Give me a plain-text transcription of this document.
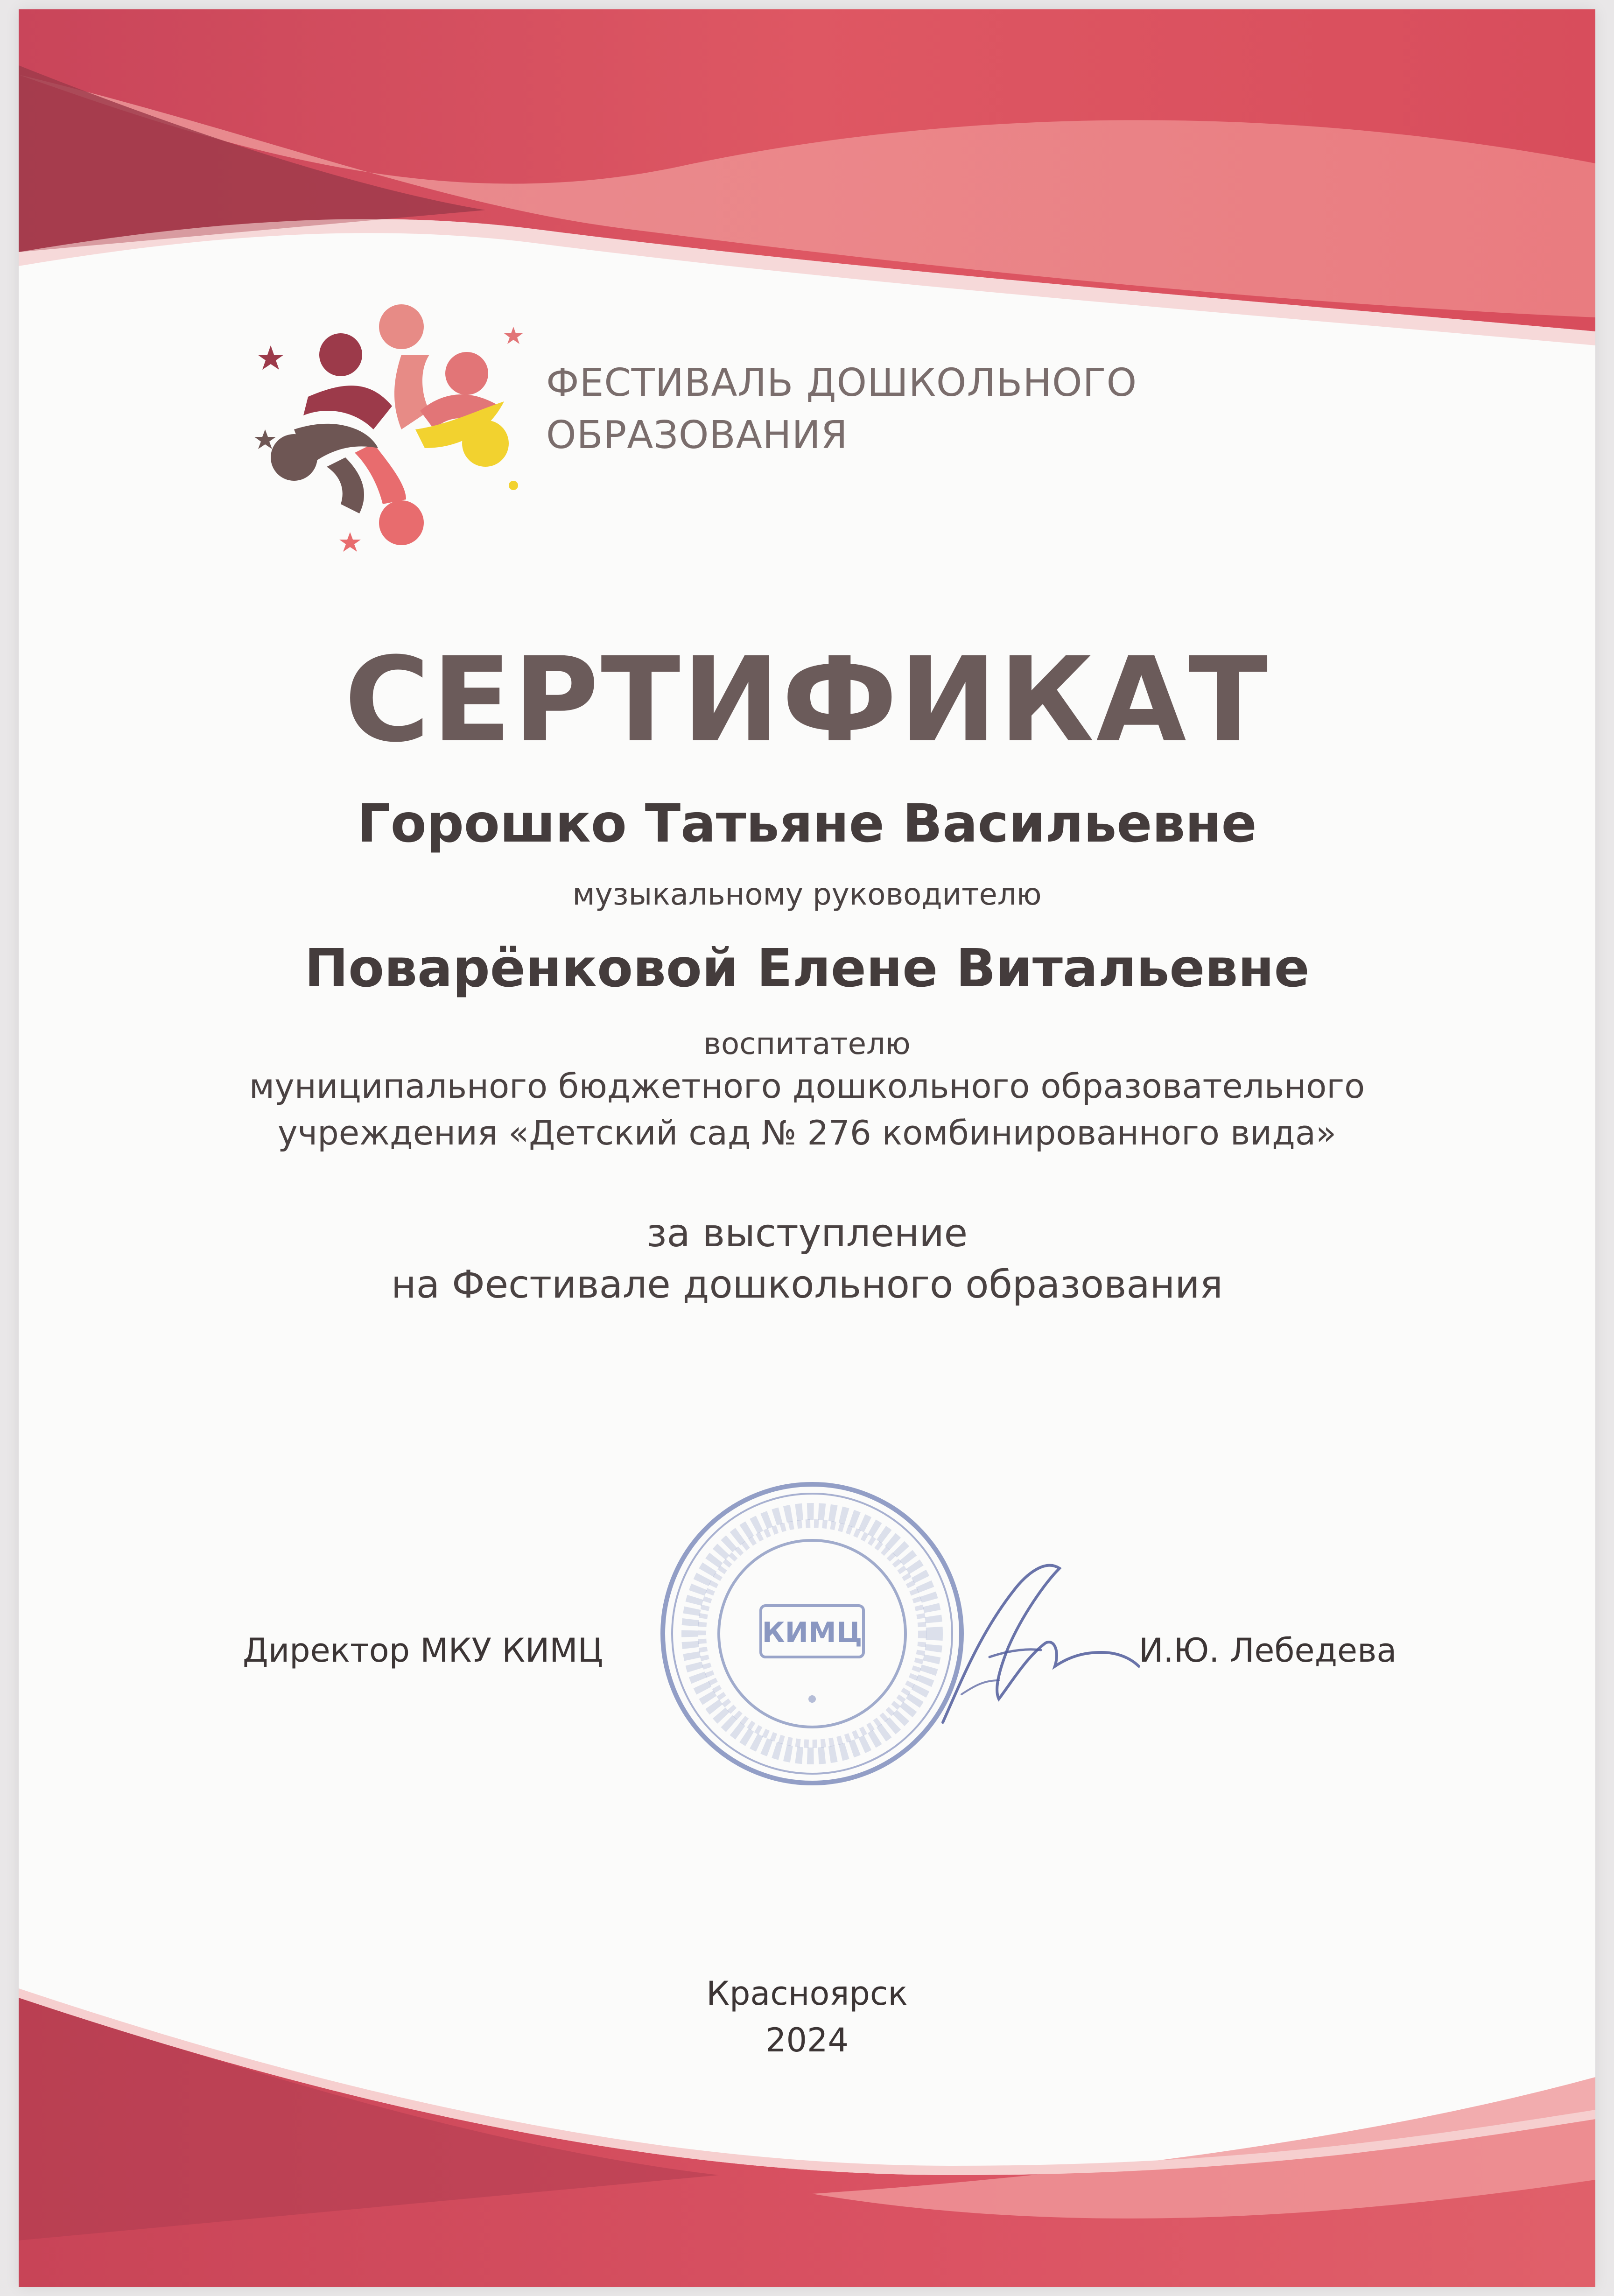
ФЕСТИВАЛЬ ДОШКОЛЬНОГО
ОБРАЗОВАНИЯ
СЕРТИФИКАТ

Горошко Татьяне Васильевне

музыкальному руководителю

Поварёнковой Елене Витальевне

воспитателю

муниципального бюджетного дошкольного образовательного

учреждения «Детский сад № 276 комбинированного вида»

за выступление

на Фестивале дошкольного образования

Директор МКУ КИМЦ	КИМЦ	И.Ю. Лебедева

Красноярск

2024
